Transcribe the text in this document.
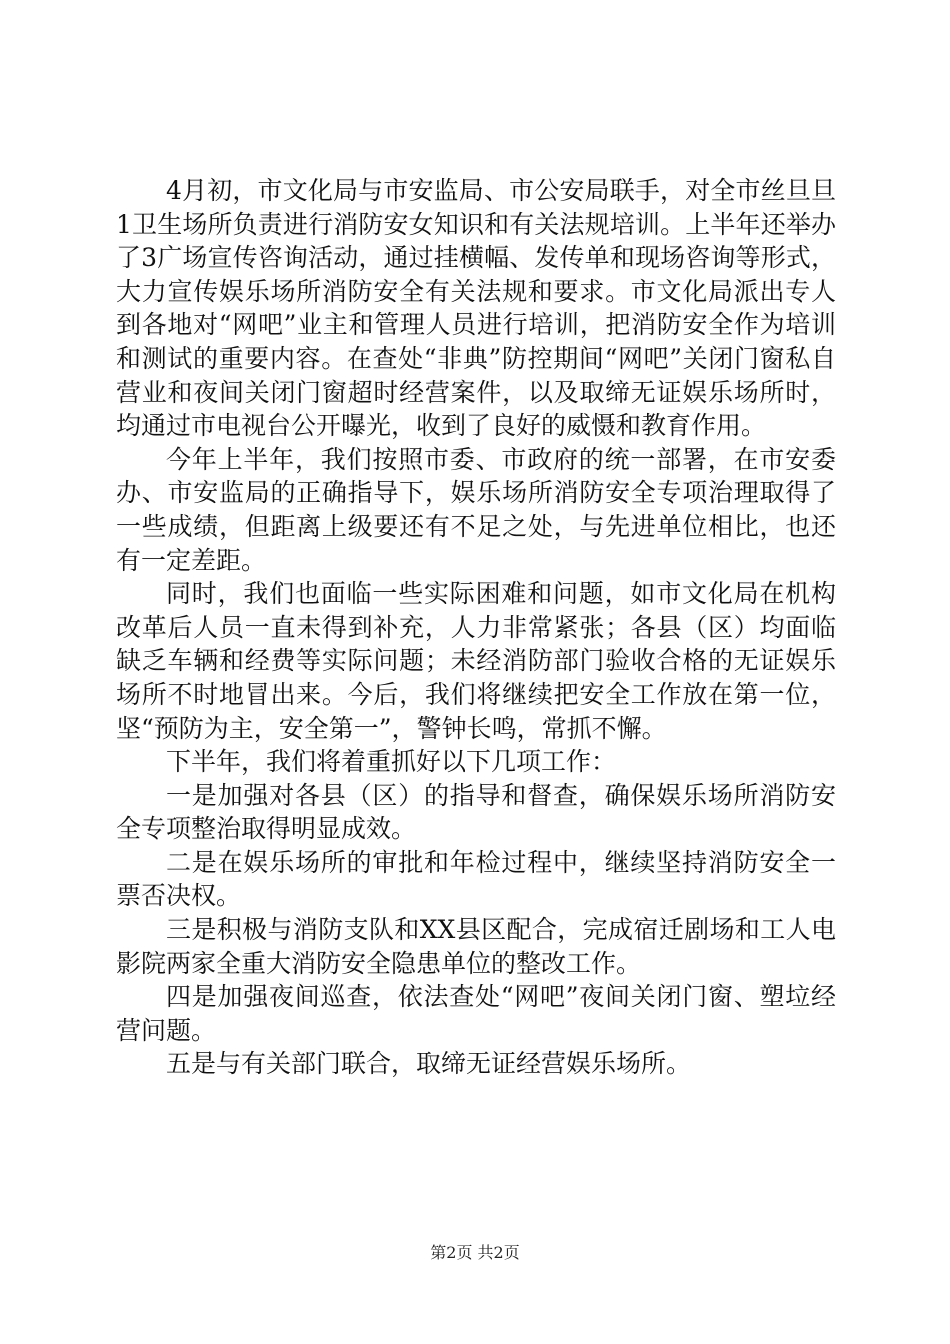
4月初，市文化局与市安监局、市公安局联手，对全市丝旦旦1卫生场所负责进行消防安女知识和有关法规培训。上半年还举办了3广场宣传咨询活动，通过挂横幅、发传单和现场咨询等形式，大力宣传娱乐场所消防安全有关法规和要求。市文化局派出专人到各地对“网吧”业主和管理人员进行培训，把消防安全作为培训和测试的重要内容。在查处“非典”防控期间“网吧”关闭门窗私自营业和夜间关闭门窗超时经营案件，以及取缔无证娱乐场所时，均通过市电视台公开曝光，收到了良好的威慑和教育作用。

今年上半年，我们按照市委、市政府的统一部署，在市安委办、市安监局的正确指导下，娱乐场所消防安全专项治理取得了一些成绩，但距离上级要还有不足之处，与先进单位相比，也还有一定差距。

同时，我们也面临一些实际困难和问题，如市文化局在机构改革后人员一直未得到补充，人力非常紧张；各县（区）均面临缺乏车辆和经费等实际问题；未经消防部门验收合格的无证娱乐场所不时地冒出来。今后，我们将继续把安全工作放在第一位，坚“预防为主，安全第一”，警钟长鸣，常抓不懈。

下半年，我们将着重抓好以下几项工作：

一是加强对各县（区）的指导和督查，确保娱乐场所消防安全专项整治取得明显成效。

二是在娱乐场所的审批和年检过程中，继续坚持消防安全一票否决权。

三是积极与消防支队和XX县区配合，完成宿迁剧场和工人电影院两家全重大消防安全隐患单位的整改工作。

四是加强夜间巡查，依法查处“网吧”夜间关闭门窗、塑垃经营问题。

五是与有关部门联合，取缔无证经营娱乐场所。

第2页 共2页
